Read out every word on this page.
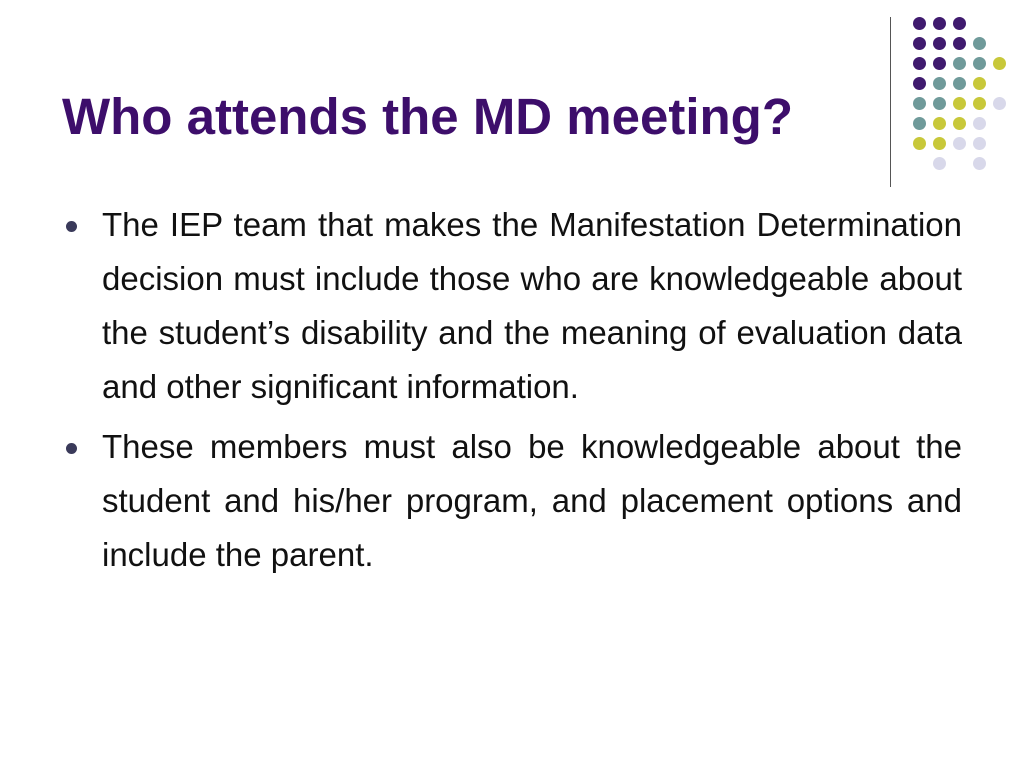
Who attends the MD meeting?
The IEP team that makes the Manifestation Determination decision must include those who are knowledgeable about the student’s disability and the meaning of evaluation data and other significant information.
These members must also be knowledgeable about the student and his/her program, and placement options and include the parent.
